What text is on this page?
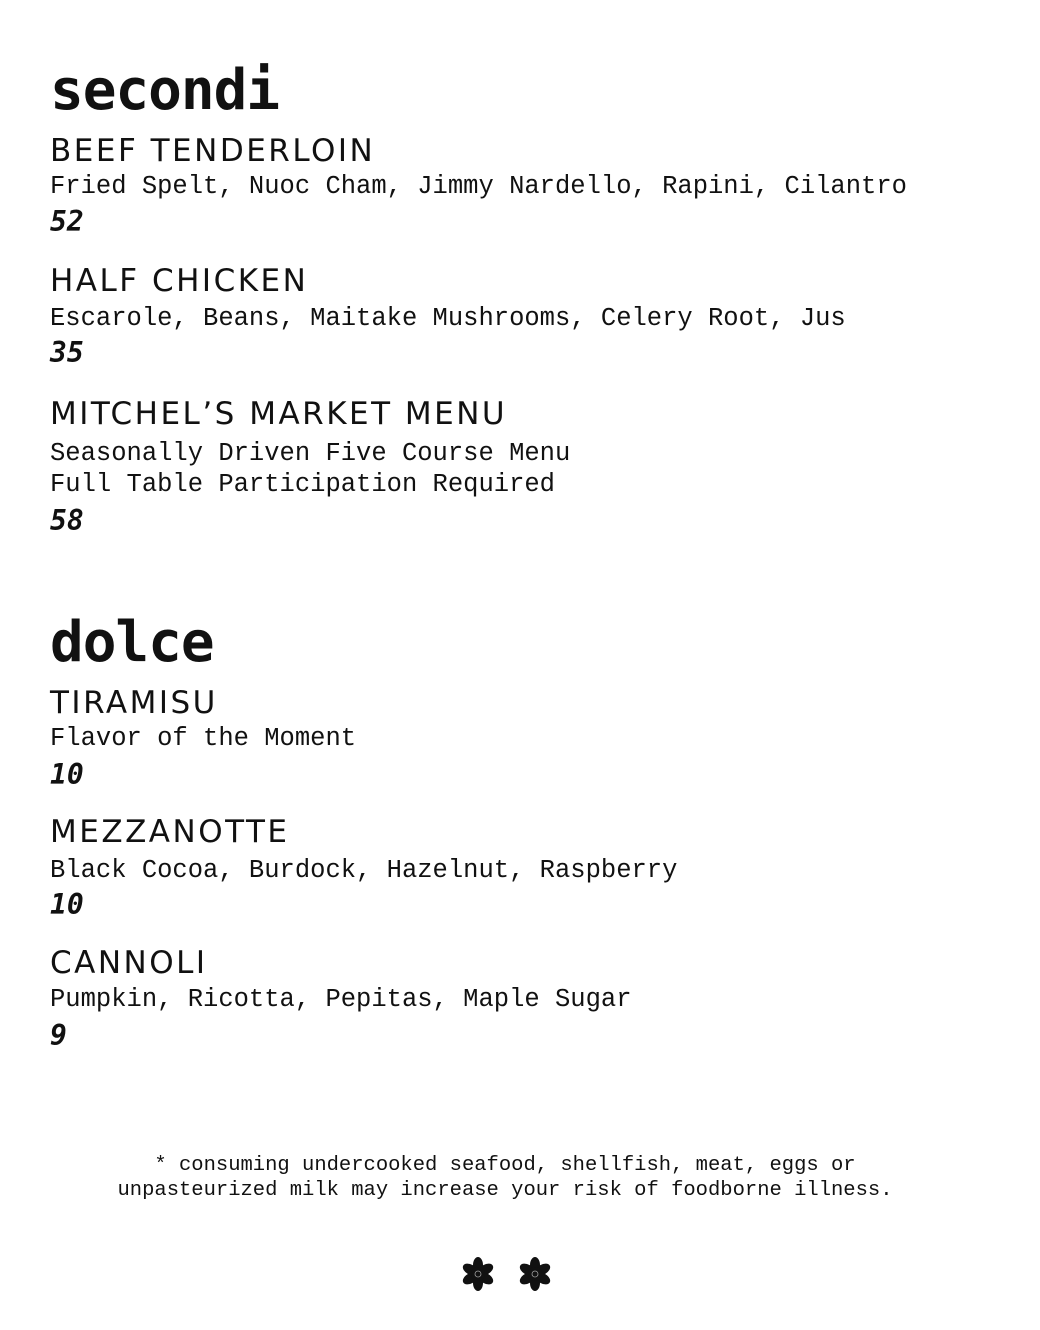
secondi
BEEF TENDERLOIN
Fried Spelt, Nuoc Cham, Jimmy Nardello, Rapini, Cilantro
52
HALF CHICKEN
Escarole, Beans, Maitake Mushrooms, Celery Root, Jus
35
MITCHEL’S MARKET MENU
Seasonally Driven Five Course Menu
Full Table Participation Required
58
dolce
TIRAMISU
Flavor of the Moment
10
MEZZANOTTE
Black Cocoa, Burdock, Hazelnut, Raspberry
10
CANNOLI
Pumpkin, Ricotta, Pepitas, Maple Sugar
9
* consuming undercooked seafood, shellfish, meat, eggs or
unpasteurized milk may increase your risk of foodborne illness.
